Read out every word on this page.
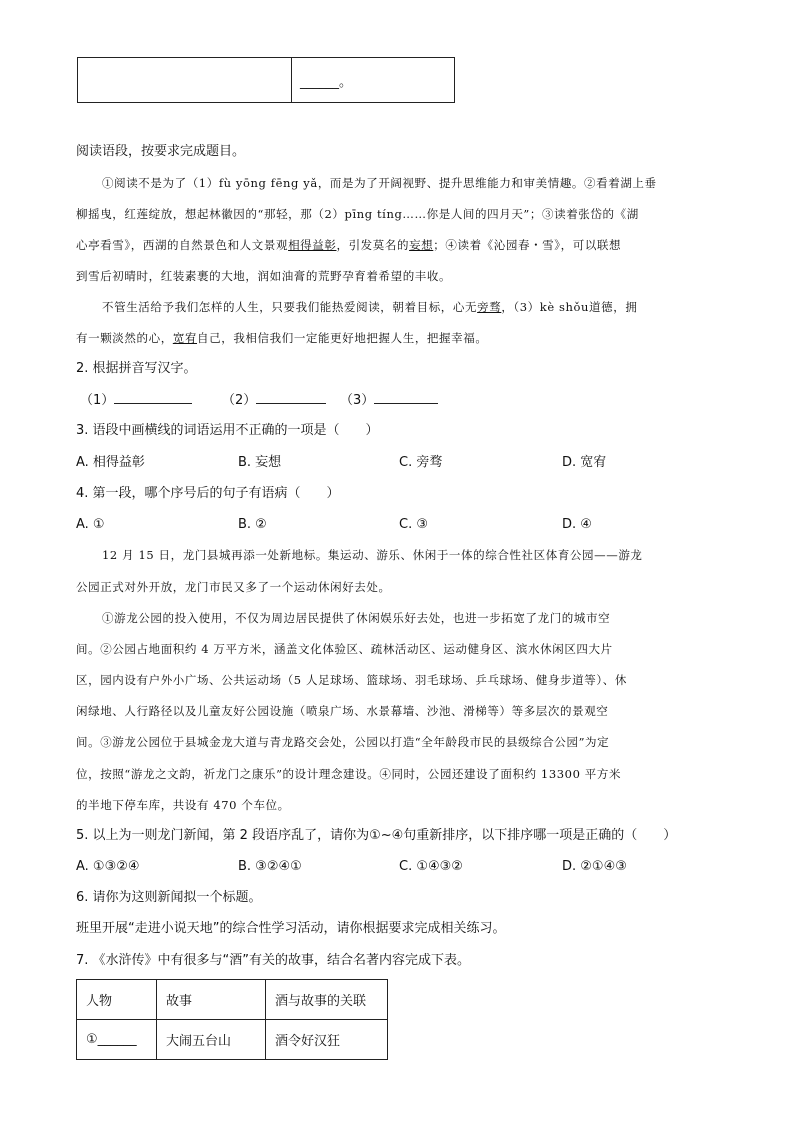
	______。
阅读语段，按要求完成题目。
①阅读不是为了（1）fù yōng fēng yǎ，而是为了开阔视野、提升思维能力和审美情趣。②看着湖上垂
柳摇曳，红莲绽放，想起林徽因的“那轻，那（2）pīng tíng……你是人间的四月天”；③读着张岱的《湖
心亭看雪》，西湖的自然景色和人文景观相得益彰，引发莫名的妄想；④读着《沁园春・雪》，可以联想
到雪后初晴时，红装素裹的大地，润如油膏的荒野孕育着希望的丰收。
不管生活给予我们怎样的人生，只要我们能热爱阅读，朝着目标，心无旁骛，（3）kè shǒu道德，拥
有一颗淡然的心，宽宥自己，我相信我们一定能更好地把握人生，把握幸福。
2. 根据拼音写汉字。
（1）	（2）	（3）
3. 语段中画横线的词语运用不正确的一项是（　　）
A. 相得益彰	B. 妄想	C. 旁骛	D. 宽宥
4. 第一段，哪个序号后的句子有语病（　　）
A. ①	B. ②	C. ③	D. ④
12 月 15 日，龙门县城再添一处新地标。集运动、游乐、休闲于一体的综合性社区体育公园——游龙
公园正式对外开放，龙门市民又多了一个运动休闲好去处。
①游龙公园的投入使用，不仅为周边居民提供了休闲娱乐好去处，也进一步拓宽了龙门的城市空
间。②公园占地面积约 4 万平方米，涵盖文化体验区、疏林活动区、运动健身区、滨水休闲区四大片
区，园内设有户外小广场、公共运动场（5 人足球场、篮球场、羽毛球场、乒乓球场、健身步道等）、休
闲绿地、人行路径以及儿童友好公园设施（喷泉广场、水景幕墙、沙池、滑梯等）等多层次的景观空
间。③游龙公园位于县城金龙大道与青龙路交会处，公园以打造“全年龄段市民的县级综合公园”为定
位，按照“游龙之文韵，祈龙门之康乐”的设计理念建设。④同时，公园还建设了面积约 13300 平方米
的半地下停车库，共设有 470 个车位。
5. 以上为一则龙门新闻，第 2 段语序乱了，请你为①~④句重新排序，以下排序哪一项是正确的（　　）
A. ①③②④	B. ③②④①	C. ①④③②	D. ②①④③
6. 请你为这则新闻拟一个标题。
班里开展“走进小说天地”的综合性学习活动，请你根据要求完成相关练习。
7. 《水浒传》中有很多与“酒”有关的故事，结合名著内容完成下表。
人物	故事	酒与故事的关联
①______	大闹五台山	酒令好汉狂
